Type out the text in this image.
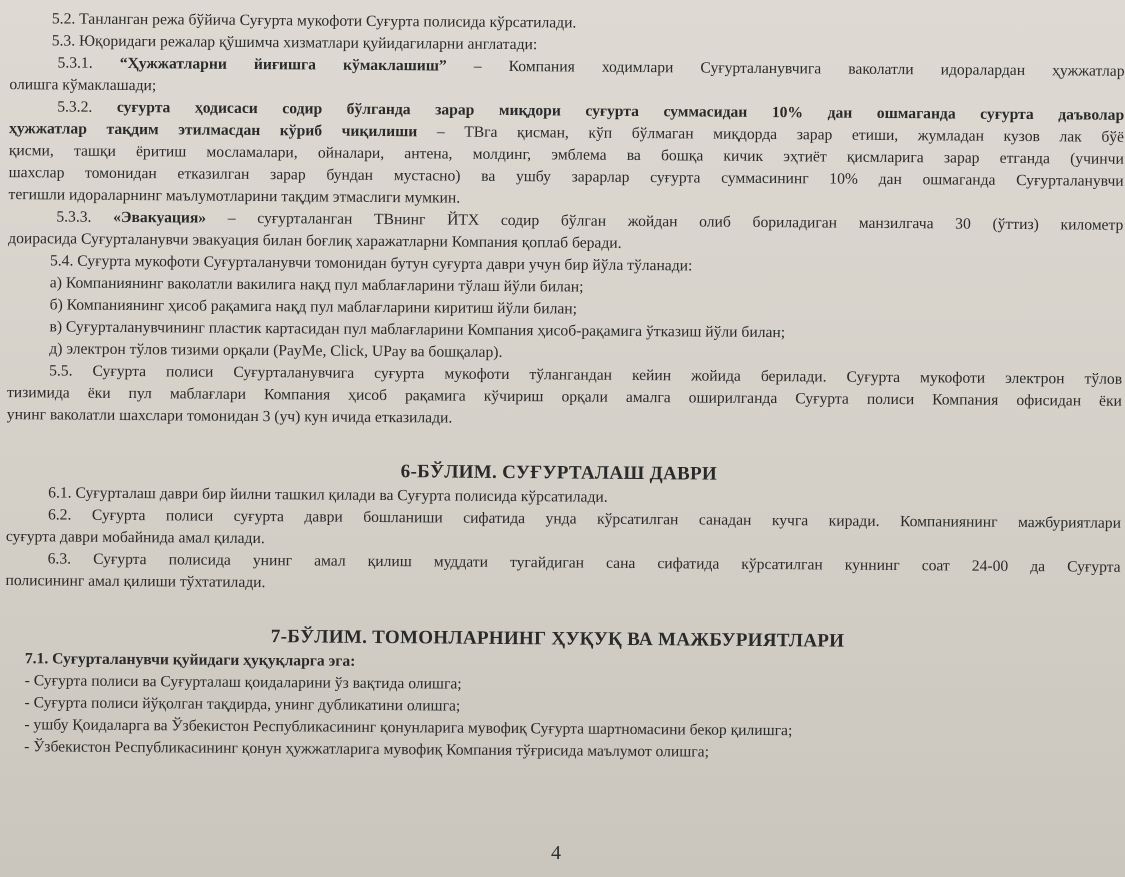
5.2. Танланган режа бўйича Суғурта мукофоти Суғурта полисида кўрсатилади.

5.3. Юқоридаги режалар қўшимча хизматлари қуйидагиларни англатади:

5.3.1. “Ҳужжатларни йиғишга кўмаклашиш” – Компания ходимлари Суғурталанувчига ваколатли идоралардан ҳужжатлар

олишга кўмаклашади;

5.3.2. суғурта ҳодисаси содир бўлганда зарар миқдори суғурта суммасидан 10% дан ошмаганда суғурта даъволар

ҳужжатлар тақдим этилмасдан кўриб чиқилиши – ТВга қисман, кўп бўлмаган миқдорда зарар етиши, жумладан кузов лак бўё

қисми, ташқи ёритиш мосламалари, ойналари, антена, молдинг, эмблема ва бошқа кичик эҳтиёт қисмларига зарар етганда (учинчи

шахслар томонидан етказилган зарар бундан мустасно) ва ушбу зарарлар суғурта суммасининг 10% дан ошмаганда Суғурталанувчи

тегишли идораларнинг маълумотларини тақдим этмаслиги мумкин.

5.3.3. «Эвакуация» – суғурталанган ТВнинг ЙТХ содир бўлган жойдан олиб бориладиган манзилгача 30 (ўттиз) километр

доирасида Суғурталанувчи эвакуация билан боғлиқ харажатларни Компания қоплаб беради.

5.4. Суғурта мукофоти Суғурталанувчи томонидан бутун суғурта даври учун бир йўла тўланади:

а) Компаниянинг ваколатли вакилига нақд пул маблағларини тўлаш йўли билан;

б) Компаниянинг ҳисоб рақамига нақд пул маблағларини киритиш йўли билан;

в) Суғурталанувчининг пластик картасидан пул маблағларини Компания ҳисоб-рақамига ўтказиш йўли билан;

д) электрон тўлов тизими орқали (PayMe, Click, UPay ва бошқалар).

5.5. Суғурта полиси Суғурталанувчига суғурта мукофоти тўлангандан кейин жойида берилади. Суғурта мукофоти электрон тўлов

тизимида ёки пул маблағлари Компания ҳисоб рақамига кўчириш орқали амалга оширилганда Суғурта полиси Компания офисидан ёки

унинг ваколатли шахслари томонидан 3 (уч) кун ичида етказилади.

6-БЎЛИМ. СУҒУРТАЛАШ ДАВРИ

6.1. Суғурталаш даври бир йилни ташкил қилади ва Суғурта полисида кўрсатилади.

6.2. Суғурта полиси суғурта даври бошланиши сифатида унда кўрсатилган санадан кучга киради. Компаниянинг мажбуриятлари

суғурта даври мобайнида амал қилади.

6.3. Суғурта полисида унинг амал қилиш муддати тугайдиган сана сифатида кўрсатилган куннинг соат 24-00 да Суғурта

полисининг амал қилиши тўхтатилади.

7-БЎЛИМ. ТОМОНЛАРНИНГ ҲУҚУҚ ВА МАЖБУРИЯТЛАРИ

7.1. Суғурталанувчи қуйидаги ҳуқуқларга эга:

- Суғурта полиси ва Суғурталаш қоидаларини ўз вақтида олишга;

- Суғурта полиси йўқолган тақдирда, унинг дубликатини олишга;

- ушбу Қоидаларга ва Ўзбекистон Республикасининг қонунларига мувофиқ Суғурта шартномасини бекор қилишга;

- Ўзбекистон Республикасининг қонун ҳужжатларига мувофиқ Компания тўғрисида маълумот олишга;

4
